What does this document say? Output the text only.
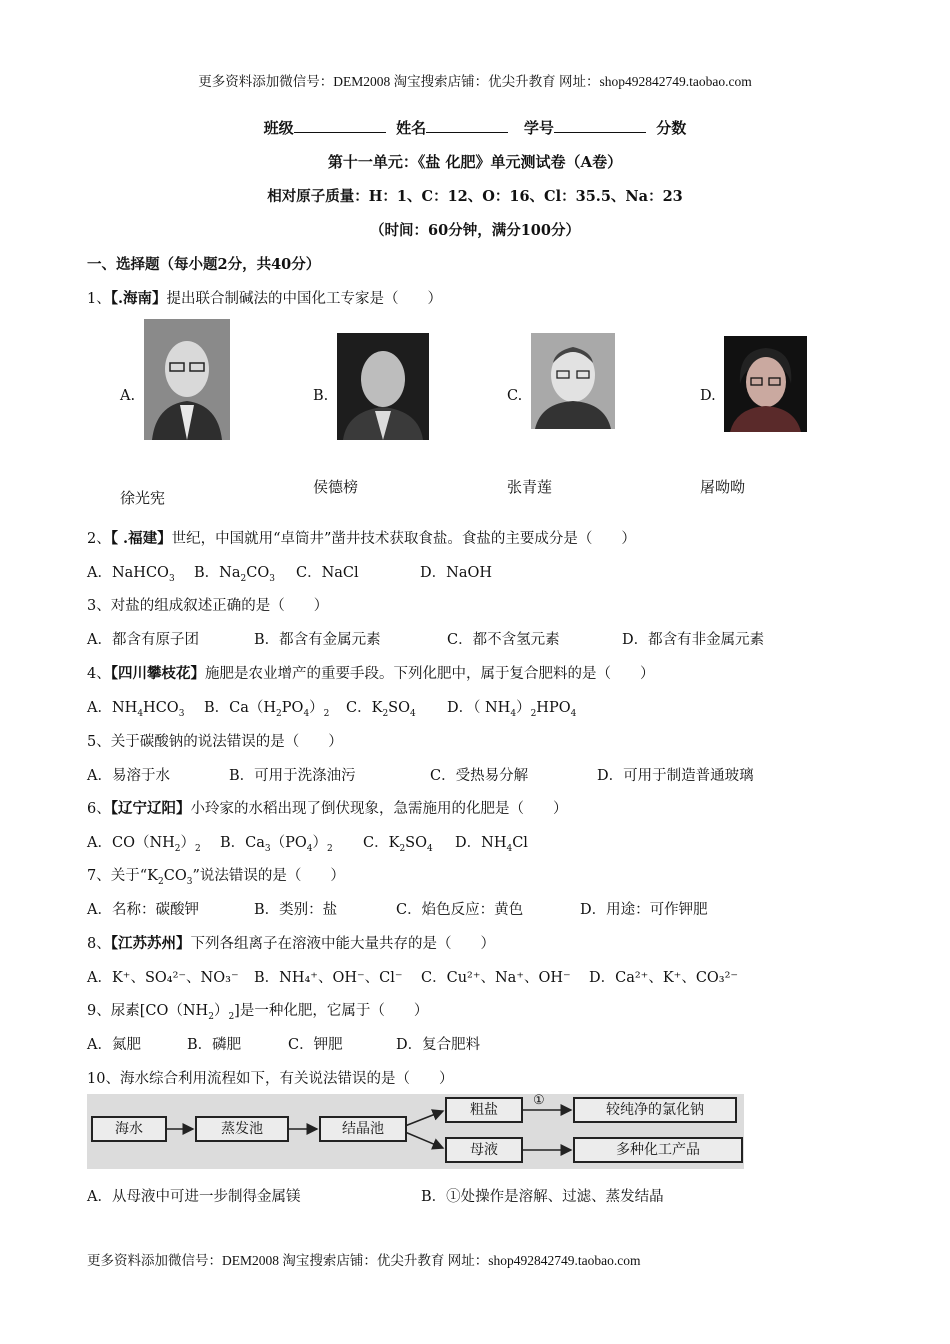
更多资料添加微信号：DEM2008 淘宝搜索店铺：优尖升教育 网址：shop492842749.taobao.com
班级	姓名	学号	分数
第十一单元：《盐 化肥》单元测试卷（A卷）
相对原子质量：H：1、C：12、O：16、Cl：35.5、Na：23
（时间：60分钟，满分100分）
一、选择题（每小题2分，共40分）
1、【.海南】提出联合制碱法的中国化工专家是（　　）
A.
徐光宪
B.
侯德榜
C.
张青莲
D.
屠呦呦
2、【 .福建】世纪，中国就用“卓筒井”凿井技术获取食盐。食盐的主要成分是（　　）
A．NaHCO$_3$ B．$Na_2CO_3$ C．NaCl	D．NaOH
3、对盐的组成叙述正确的是（　　）
A．都含有原子团	B．都含有金属元素	C．都不含氢元素	D．都含有非金属元素
4、【四川攀枝花】施肥是农业增产的重要手段。下列化肥中，属于复合肥料的是（　　）
A．$NH_4HCO_3$ B．$Ca(H_2PO_4)_2$ C．$K_2SO_4$ D．（ $NH_4)_2HPO_4$
5、关于碳酸钠的说法错误的是（　　）
A．易溶于水	B．可用于洗涤油污	C．受热易分解	D．可用于制造普通玻璃
6、【辽宁辽阳】小玲家的水稻出现了倒伏现象，急需施用的化肥是（　　）
A．$CO(NH_2)_2$ B．$Ca_3(PO_4)_2$ C．$K_2SO_4$ D．$NH_4Cl$
7、关于“$K_2CO_3$”说法错误的是（　　）
A．名称：碳酸钾	B．类别：盐	C．焰色反应：黄色	D．用途：可作钾肥
8、【江苏苏州】下列各组离子在溶液中能大量共存的是（　　）
A．K⁺、SO₄²⁻、NO₃⁻ B．NH₄⁺、OH⁻、Cl⁻ C．Cu²⁺、Na⁺、OH⁻ D．Ca²⁺、K⁺、CO₃²⁻
9、尿素$[CO(NH_2)_2]$是一种化肥，它属于（　　）
A．氮肥	B．磷肥	C．钾肥	D．复合肥料
10、海水综合利用流程如下，有关说法错误的是（　　）
海水	蒸发池	结晶池
粗盐
母液
①
较纯净的氯化钠
多种化工产品
A．从母液中可进一步制得金属镁	B．①处操作是溶解、过滤、蒸发结晶
更多资料添加微信号：DEM2008 淘宝搜索店铺：优尖升教育 网址：shop492842749.taobao.com
